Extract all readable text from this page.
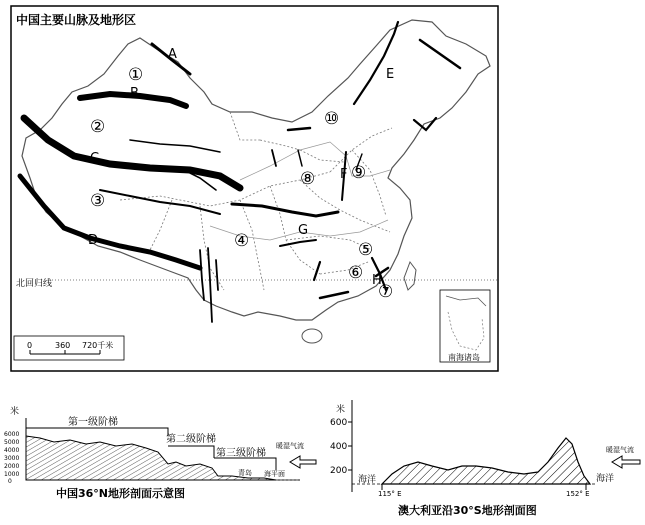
北回归线
中国主要山脉及地形区
A
B
C
D
E
F
G
H
①
②
③
④	⑤
⑥
⑦
⑧ ⑨
⑩
0	360 720千米
南海诸岛
米
6000
5000
4000
3000
2000
1000
0
第一级阶梯
第二级阶梯
第三级阶梯
暖湿气流
青岛 海平面
中国36°N地形剖面示意图
米
600
400
200
海洋	海洋
115° E	152° E
暖湿气流
澳大利亚沿30°S地形剖面图
